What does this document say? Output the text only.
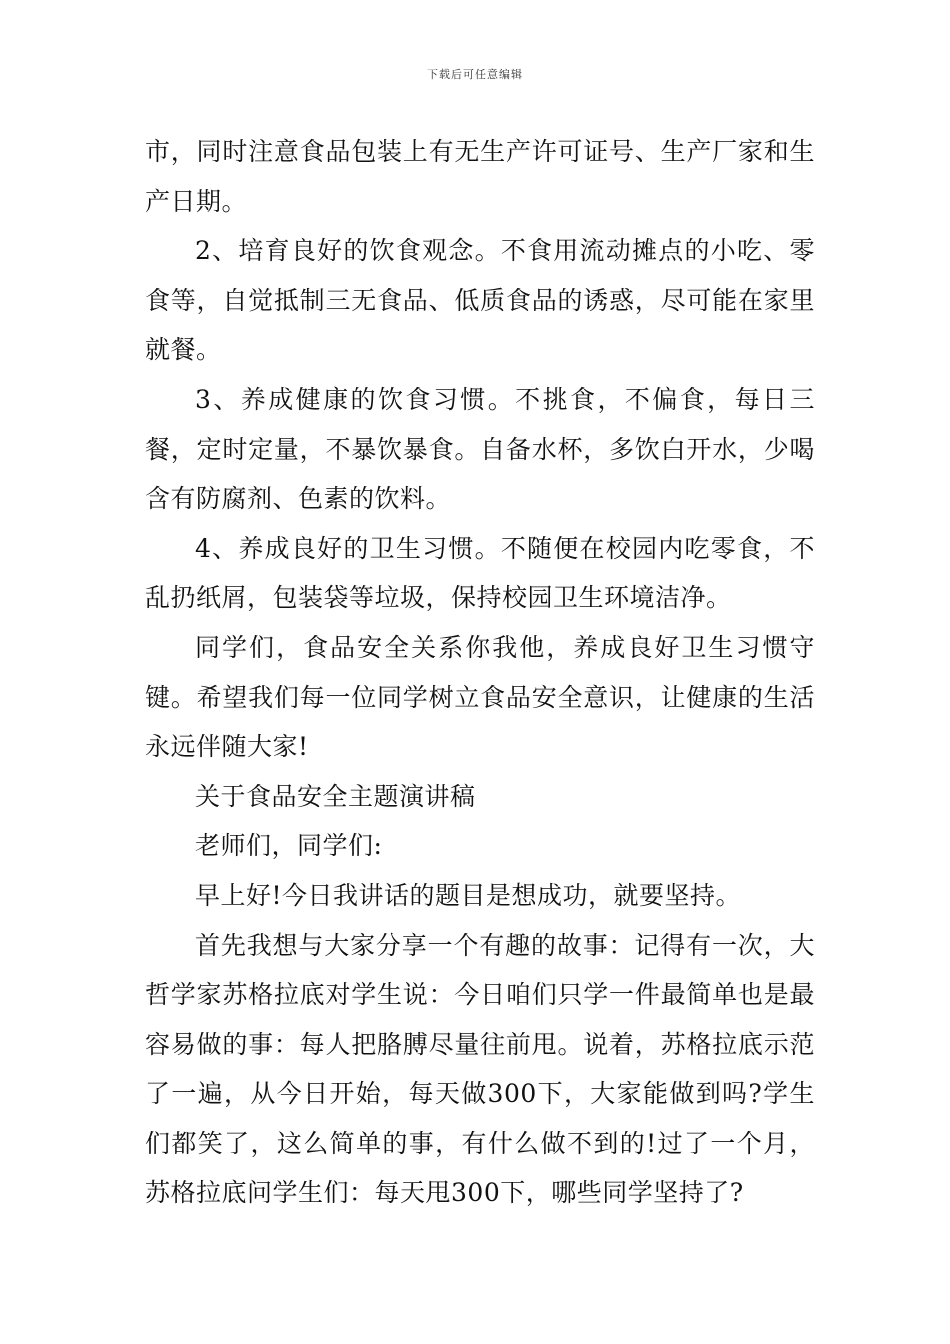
下载后可任意编辑

市，同时注意食品包装上有无生产许可证号、生产厂家和生产日期。

2、培育良好的饮食观念。不食用流动摊点的小吃、零食等，自觉抵制三无食品、低质食品的诱惑，尽可能在家里就餐。

3、养成健康的饮食习惯。不挑食，不偏食，每日三餐，定时定量，不暴饮暴食。自备水杯，多饮白开水，少喝含有防腐剂、色素的饮料。

4、养成良好的卫生习惯。不随便在校园内吃零食，不乱扔纸屑，包装袋等垃圾，保持校园卫生环境洁净。

同学们，食品安全关系你我他，养成良好卫生习惯守键。希望我们每一位同学树立食品安全意识，让健康的生活永远伴随大家!

关于食品安全主题演讲稿

老师们，同学们:

早上好!今日我讲话的题目是想成功，就要坚持。

首先我想与大家分享一个有趣的故事：记得有一次，大哲学家苏格拉底对学生说：今日咱们只学一件最简单也是最容易做的事：每人把胳膊尽量往前甩。说着，苏格拉底示范了一遍，从今日开始，每天做300下，大家能做到吗?学生们都笑了，这么简单的事，有什么做不到的!过了一个月，苏格拉底问学生们：每天甩300下，哪些同学坚持了?
